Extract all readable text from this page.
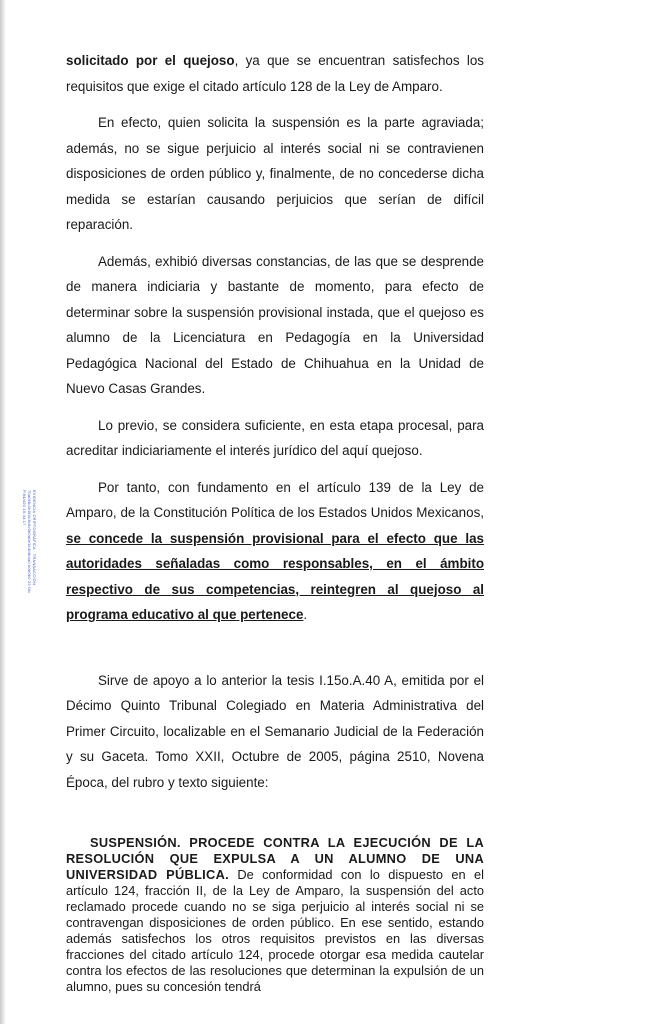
EVIDENCIA CRIPTOGRÁFICA · TRANSACCIÓN
70a0f4b1b0f4c3b0c6b0a0e1b4f4b4a0 b0b0b0 23 Dic
P.84/420 10:44:17

solicitado por el quejoso, ya que se encuentran satisfechos los requisitos que exige el citado artículo 128 de la Ley de Amparo.

En efecto, quien solicita la suspensión es la parte agraviada; además, no se sigue perjuicio al interés social ni se contravienen disposiciones de orden público y, finalmente, de no concederse dicha medida se estarían causando perjuicios que serían de difícil reparación.

Además, exhibió diversas constancias, de las que se desprende de manera indiciaria y bastante de momento, para efecto de determinar sobre la suspensión provisional instada, que el quejoso es alumno de la Licenciatura en Pedagogía en la Universidad Pedagógica Nacional del Estado de Chihuahua en la Unidad de Nuevo Casas Grandes.

Lo previo, se considera suficiente, en esta etapa procesal, para acreditar indiciariamente el interés jurídico del aquí quejoso.

Por tanto, con fundamento en el artículo 139 de la Ley de Amparo, de la Constitución Política de los Estados Unidos Mexicanos, se concede la suspensión provisional para el efecto que las autoridades señaladas como responsables, en el ámbito respectivo de sus competencias, reintegren al quejoso al programa educativo al que pertenece.

Sirve de apoyo a lo anterior la tesis I.15o.A.40 A, emitida por el Décimo Quinto Tribunal Colegiado en Materia Administrativa del Primer Circuito, localizable en el Semanario Judicial de la Federación y su Gaceta. Tomo XXII, Octubre de 2005, página 2510, Novena Época, del rubro y texto siguiente:

SUSPENSIÓN. PROCEDE CONTRA LA EJECUCIÓN DE LA RESOLUCIÓN QUE EXPULSA A UN ALUMNO DE UNA UNIVERSIDAD PÚBLICA. De conformidad con lo dispuesto en el artículo 124, fracción II, de la Ley de Amparo, la suspensión del acto reclamado procede cuando no se siga perjuicio al interés social ni se contravengan disposiciones de orden público. En ese sentido, estando además satisfechos los otros requisitos previstos en las diversas fracciones del citado artículo 124, procede otorgar esa medida cautelar contra los efectos de las resoluciones que determinan la expulsión de un alumno, pues su concesión tendrá
